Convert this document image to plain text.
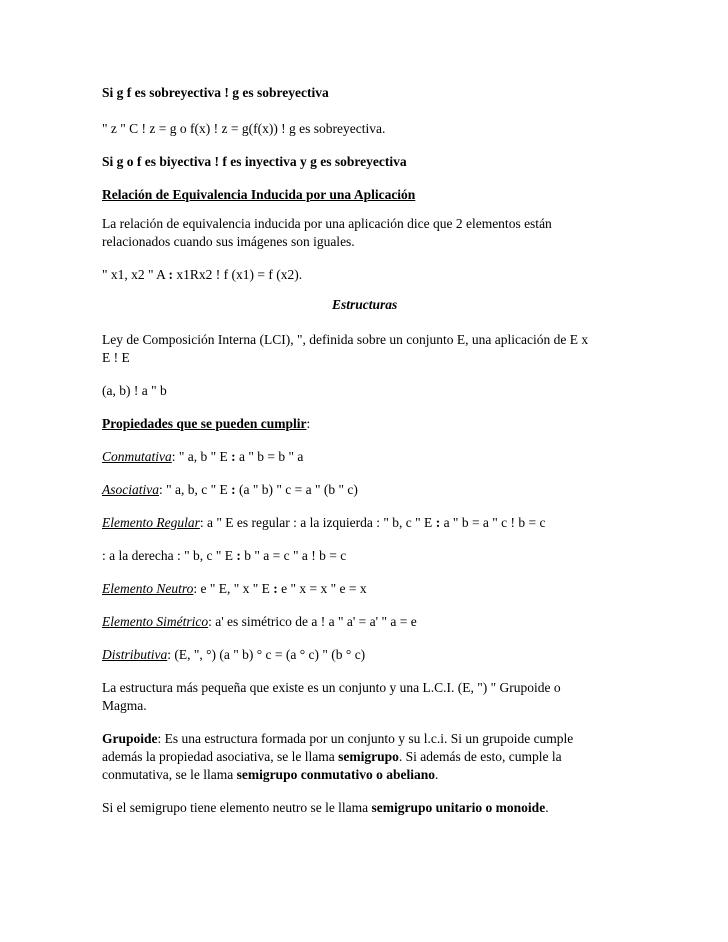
Si g f es sobreyectiva ! g es sobreyectiva
" z " C ! z = g o f(x) ! z = g(f(x)) ! g es sobreyectiva.
Si g o f es biyectiva ! f es inyectiva y g es sobreyectiva
Relación de Equivalencia Inducida por una Aplicación
La relación de equivalencia inducida por una aplicación dice que 2 elementos están
relacionados cuando sus imágenes son iguales.
" x1, x2 " A : x1Rx2 ! f (x1) = f (x2).
Estructuras
Ley de Composición Interna (LCI), ", definida sobre un conjunto E, una aplicación de E x
E ! E
(a, b) ! a " b
Propiedades que se pueden cumplir:
Conmutativa: " a, b " E : a " b = b " a
Asociativa: " a, b, c " E : (a " b) " c = a " (b " c)
Elemento Regular: a " E es regular : a la izquierda : " b, c " E : a " b = a " c ! b = c
: a la derecha : " b, c " E : b " a = c " a ! b = c
Elemento Neutro: e " E, " x " E : e " x = x " e = x
Elemento Simétrico: a' es simétrico de a ! a " a' = a' " a = e
Distributiva: (E, ", °) (a " b) ° c = (a ° c) " (b ° c)
La estructura más pequeña que existe es un conjunto y una L.C.I. (E, ") " Grupoide o
Magma.
Grupoide: Es una estructura formada por un conjunto y su l.c.i. Si un grupoide cumple
además la propiedad asociativa, se le llama semigrupo. Si además de esto, cumple la
conmutativa, se le llama semigrupo conmutativo o abeliano.
Si el semigrupo tiene elemento neutro se le llama semigrupo unitario o monoide.
